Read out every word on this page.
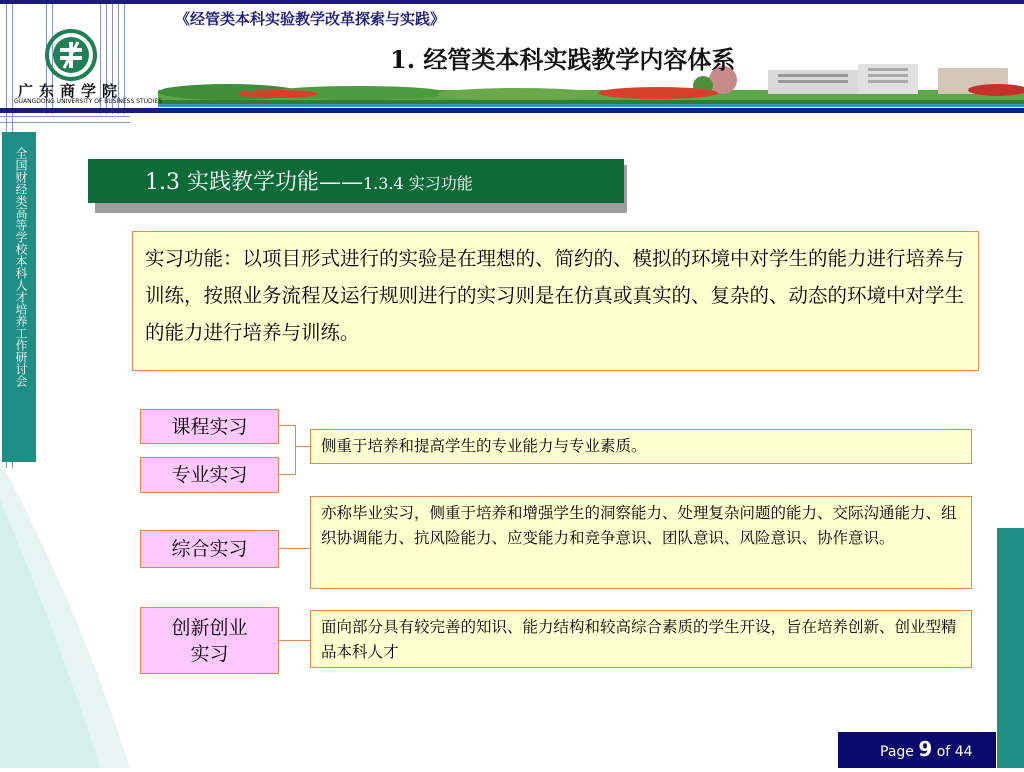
《经管类本科实验教学改革探索与实践》
1. 经管类本科实践教学内容体系
广东商学院
GUANGDONG UNIVERSITY OF BUSINESS STUDIES
全国财经类高等学校本科人才培养工作研讨会	1.3 实践教学功能——1.3.4 实习功能
实习功能：以项目形式进行的实验是在理想的、简约的、模拟的环境中对学生的能力进行培养与训练，按照业务流程及运行规则进行的实习则是在仿真或真实的、复杂的、动态的环境中对学生的能力进行培养与训练。
课程实习
专业实习
综合实习
创新创业
实习
侧重于培养和提高学生的专业能力与专业素质。
亦称毕业实习，侧重于培养和增强学生的洞察能力、处理复杂问题的能力、交际沟通能力、组织协调能力、抗风险能力、应变能力和竞争意识、团队意识、风险意识、协作意识。
面向部分具有较完善的知识、能力结构和较高综合素质的学生开设，旨在培养创新、创业型精品本科人才
Page 9 of 44
